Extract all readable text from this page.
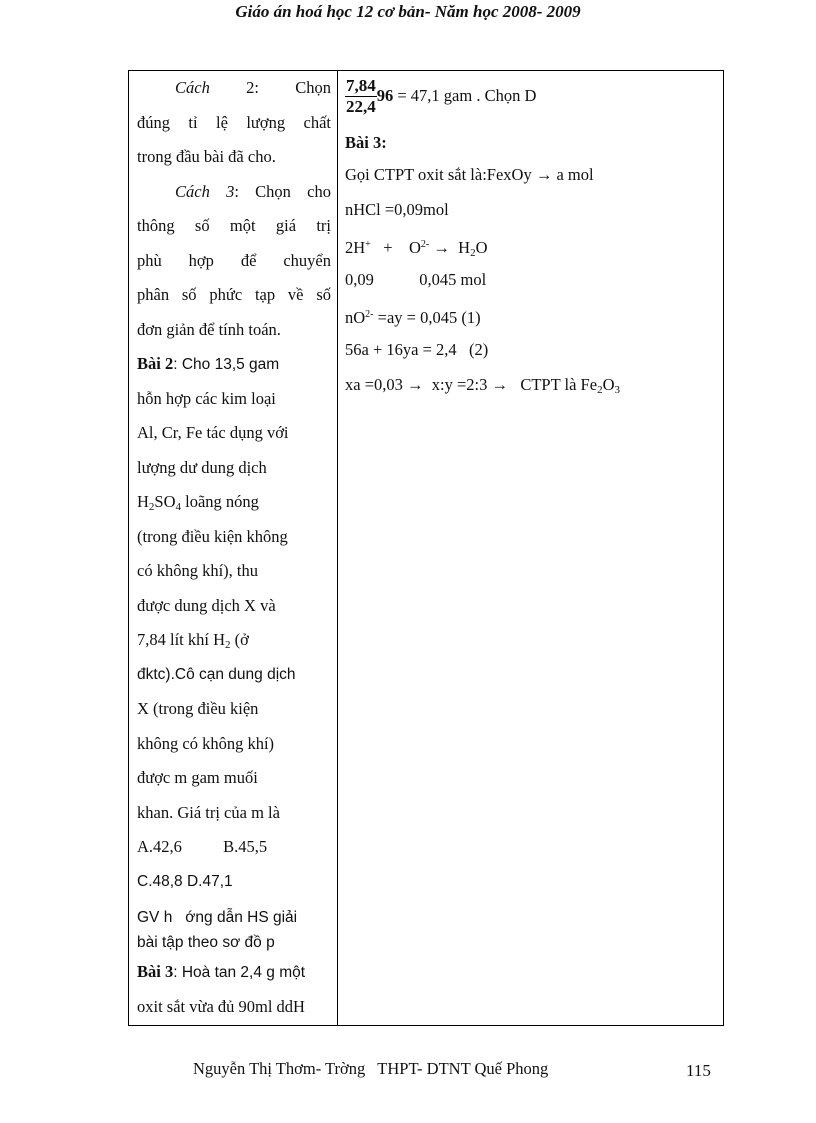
Giáo án hoá học 12 cơ bản- Năm học 2008- 2009
Cách 2: Chọn
đúng tỉ lệ lượng chất
trong đầu bài đã cho.
Cách 3: Chọn cho
thông số một giá trị
phù hợp để chuyển
phân số phức tạp về số
đơn giản để tính toán.
Bài 2: Cho 13,5 gam
hỗn hợp các kim loại
Al, Cr, Fe tác dụng với
lượng dư dung dịch
$H_2SO_4$ loãng nóng
(trong điều kiện không
có không khí), thu
được dung dịch X và
7,84 lít khí $H_2$ (ở
đktc).Cô cạn dung dịch
X (trong điều kiện
không có không khí)
được m gam muối
khan. Giá trị của m là
A.42,6          B.45,5
C.48,8 D.47,1
GV h   ớng dẫn HS giải
bài tập theo sơ đồ p
Bài 3: Hoà tan 2,4 g một
oxit sắt vừa đủ 90ml ddH
$\frac{7,84}{22,4} 96 = 47,1$ gam . Chọn D
Bài 3:
Gọi CTPT oxit sắt là:FexOy → a mol
nHCl =0,09mol
2H+   +    $O^{2-} \to H_2O$
0,09           0,045 mol
$nO^{2-} =ay = 0,045$ (1)
56a + 16ya = 2,4   (2)
xa =0,03 →  x:y =2:3 →   CTPT là $Fe_2O_3$
Nguyễn Thị Thơm- Trờng   THPT- DTNT Quế Phong	115
